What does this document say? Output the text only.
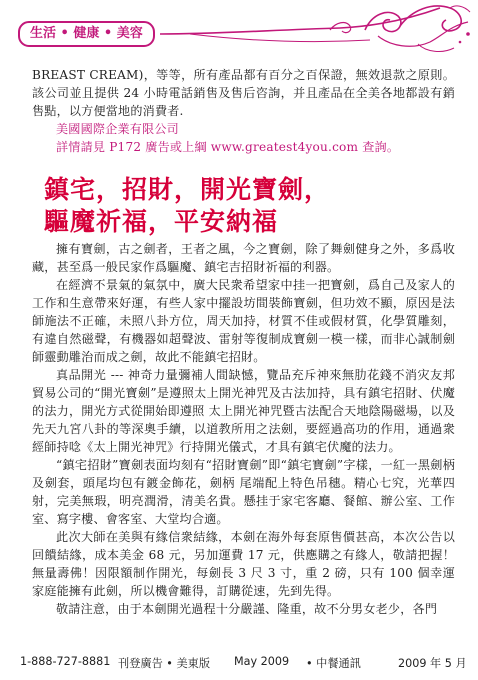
生活 • 健康 • 美容

BREAST CREAM)，等等，所有產品都有百分之百保證，無效退款之原則。該公司並且提供 24 小時電話銷售及售后咨詢，并且產品在全美各地都設有銷售點，以方便當地的消費者.

美國國際企業有限公司

詳情請見 P172 廣告或上綱 www.greatest4you.com 查詢。

鎮宅，招財，開光寶劍，
驅魔祈福，平安納福

擁有寶劍，古之劍者，王者之風，今之寶劍，除了舞劍健身之外，多爲收藏，甚至爲一般民家作爲驅魔、鎮宅吉招財祈福的利器。

在經濟不景氣的氣氛中，廣大民衆希望家中挂一把寶劍，爲自己及家人的工作和生意帶來好運，有些人家中擺設坊間裝飾寶劍，但功效不顯，原因是法師施法不正確，未照八卦方位，周天加持，材質不佳或假材質，化學質雕刻，有違自然磁聲，有機器如超聲波、雷射等復制成寶劍一模一樣，而非心誠制劍師靈動雕治而成之劍，故此不能鎮宅招財。

真品開光 --- 神奇力量彌補人間缺憾，覽品充斥神來無肋花錢不消灾友邦貿易公司的“開光寶劍”是遵照太上開光神咒及古法加持，具有鎮宅招財、伏魔的法力，開光方式從開始即遵照 太上開光神咒暨古法配合天地陰陽磁場，以及先天九宮八卦的等深奧手續，以道教所用之法劍，要經過高功的作用，通過衆經師持唸《太上開光神咒》行持開光儀式，才具有鎮宅伏魔的法力。

“鎮宅招財”寶劍表面均刻有“招財寶劍”即“鎮宅寶劍”字樣，一紅一黑劍柄及劍套，頭尾均包有鍍金飾花，劍柄 尾端配上特色吊穗。精心七究，光華四射，完美無瑕，明亮潤滑，清美名貴。懸挂于家宅客廳、餐館、辦公室、工作室、寫字樓、會客室、大堂均合適。

此次大師在美與有緣信衆結緣，本劍在海外每套原售價甚高，本次公告以回饋結緣，成本美金 68 元，另加運費 17 元，供應購之有緣人，敬請把握！無量壽佛！因限額制作開光，每劍長 3 尺 3 寸，重 2 磅，只有 100 個幸運家庭能擁有此劍，所以機會難得，訂購從速，先到先得。

敬請注意，由于本劍開光過程十分嚴謹、隆重，故不分男女老少，各門

1-888-727-8881 刊登廣告 • 美東版 May 2009 • 中餐通訊	2009 年 5 月
